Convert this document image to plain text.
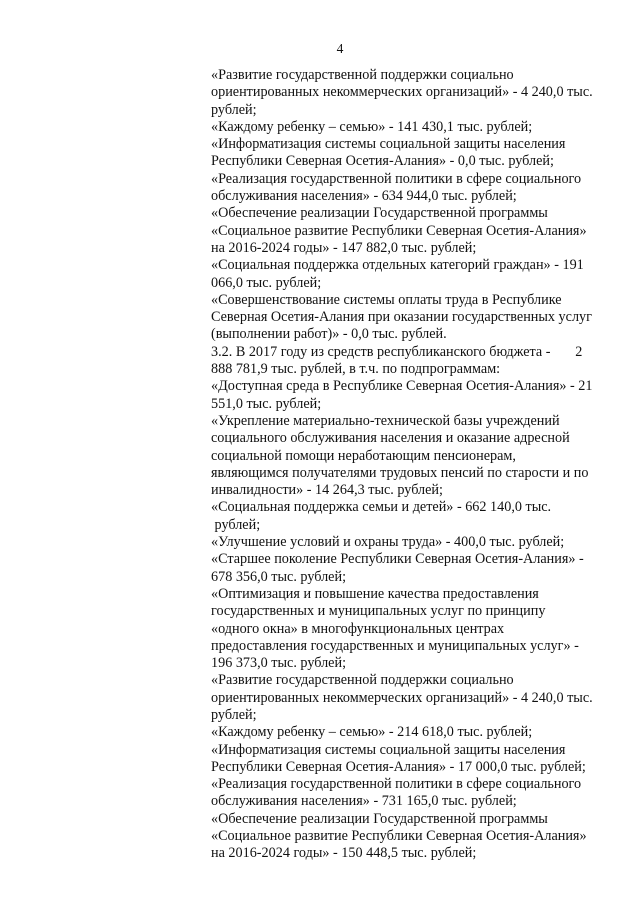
4
«Развитие государственной поддержки социально
ориентированных некоммерческих организаций» - 4 240,0 тыс.
рублей;
«Каждому ребенку – семью» - 141 430,1 тыс. рублей;
«Информатизация системы социальной защиты населения
Республики Северная Осетия-Алания» - 0,0 тыс. рублей;
«Реализация государственной политики в сфере социального
обслуживания населения» - 634 944,0 тыс. рублей;
«Обеспечение реализации Государственной программы
«Социальное развитие Республики Северная Осетия-Алания»
на 2016-2024 годы» - 147 882,0 тыс. рублей;
«Социальная поддержка отдельных категорий граждан» - 191
066,0 тыс. рублей;
«Совершенствование системы оплаты труда в Республике
Северная Осетия-Алания при оказании государственных услуг
(выполнении работ)» - 0,0 тыс. рублей.
3.2. В 2017 году из средств республиканского бюджета -       2
888 781,9 тыс. рублей, в т.ч. по подпрограммам:
«Доступная среда в Республике Северная Осетия-Алания» - 21
551,0 тыс. рублей;
«Укрепление материально-технической базы учреждений
социального обслуживания населения и оказание адресной
социальной помощи неработающим пенсионерам,
являющимся получателями трудовых пенсий по старости и по
инвалидности» - 14 264,3 тыс. рублей;
«Социальная поддержка семьи и детей» - 662 140,0 тыс.
рублей;
«Улучшение условий и охраны труда» - 400,0 тыс. рублей;
«Старшее поколение Республики Северная Осетия-Алания» -
678 356,0 тыс. рублей;
«Оптимизация и повышение качества предоставления
государственных и муниципальных услуг по принципу
«одного окна» в многофункциональных центрах
предоставления государственных и муниципальных услуг» -
196 373,0 тыс. рублей;
«Развитие государственной поддержки социально
ориентированных некоммерческих организаций» - 4 240,0 тыс.
рублей;
«Каждому ребенку – семью» - 214 618,0 тыс. рублей;
«Информатизация системы социальной защиты населения
Республики Северная Осетия-Алания» - 17 000,0 тыс. рублей;
«Реализация государственной политики в сфере социального
обслуживания населения» - 731 165,0 тыс. рублей;
«Обеспечение реализации Государственной программы
«Социальное развитие Республики Северная Осетия-Алания»
на 2016-2024 годы» - 150 448,5 тыс. рублей;
